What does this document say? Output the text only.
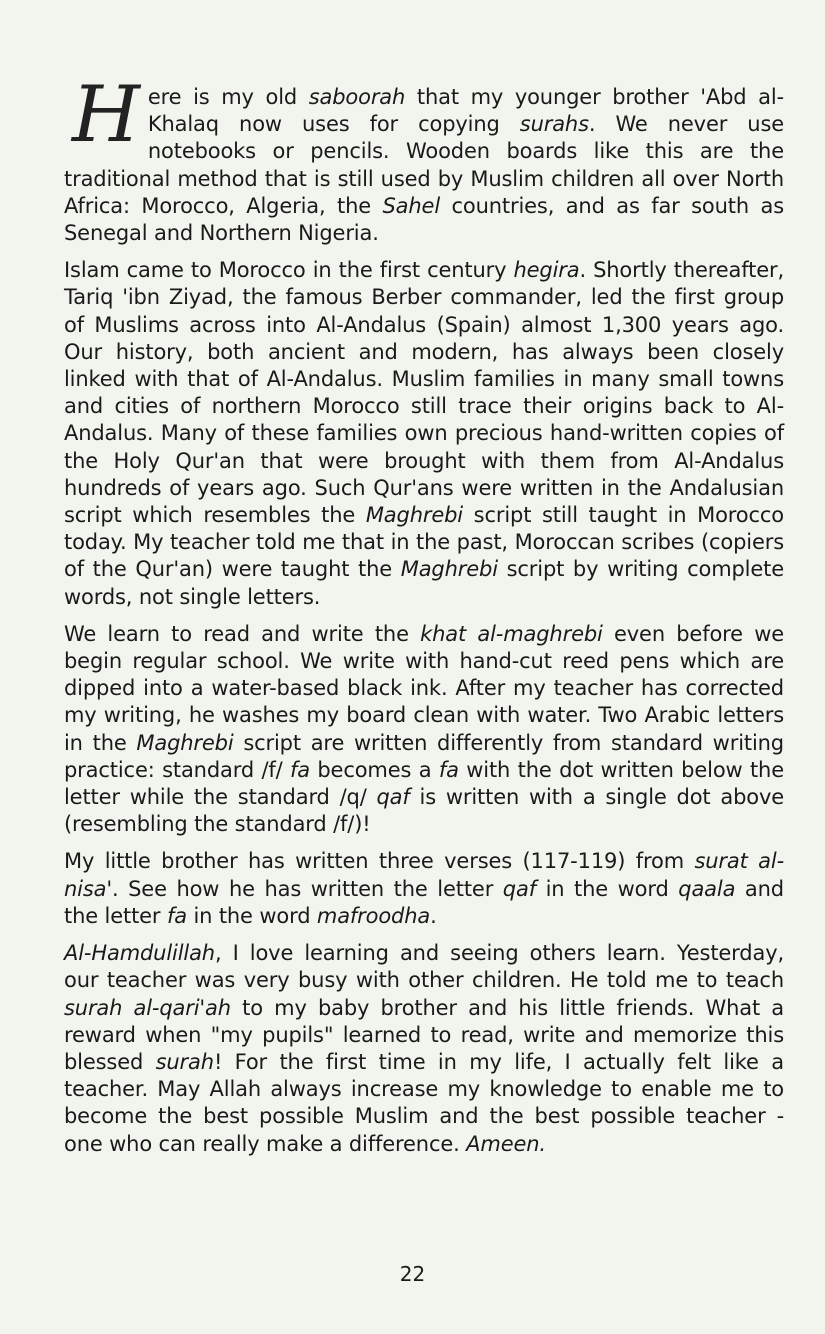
Here is my old saboorah that my younger brother 'Abd al-Khalaq now uses for copying surahs. We never use notebooks or pencils. Wooden boards like this are the traditional method that is still used by Muslim children all over North Africa: Morocco, Algeria, the Sahel countries, and as far south as Senegal and Northern Nigeria.
Islam came to Morocco in the first century hegira. Shortly thereafter, Tariq 'ibn Ziyad, the famous Berber commander, led the first group of Muslims across into Al-Andalus (Spain) almost 1,300 years ago. Our history, both ancient and modern, has always been closely linked with that of Al-Andalus. Muslim families in many small towns and cities of northern Morocco still trace their origins back to Al-Andalus. Many of these families own precious hand-written copies of the Holy Qur'an that were brought with them from Al-Andalus hundreds of years ago. Such Qur'ans were written in the Andalusian script which resembles the Maghrebi script still taught in Morocco today. My teacher told me that in the past, Moroccan scribes (copiers of the Qur'an) were taught the Maghrebi script by writing complete words, not single letters.
We learn to read and write the khat al-maghrebi even before we begin regular school. We write with hand-cut reed pens which are dipped into a water-based black ink. After my teacher has corrected my writing, he washes my board clean with water. Two Arabic letters in the Maghrebi script are written differently from standard writing practice: standard /f/ fa becomes a fa with the dot written below the letter while the standard /q/ qaf is written with a single dot above (resembling the standard /f/)!
My little brother has written three verses (117-119) from surat al-nisa'. See how he has written the letter qaf in the word qaala and the letter fa in the word mafroodha.
Al-Hamdulillah, I love learning and seeing others learn. Yesterday, our teacher was very busy with other children. He told me to teach surah al-qari'ah to my baby brother and his little friends. What a reward when "my pupils" learned to read, write and memorize this blessed surah! For the first time in my life, I actually felt like a teacher. May Allah always increase my knowledge to enable me to become the best possible Muslim and the best possible teacher - one who can really make a difference. Ameen.
22
